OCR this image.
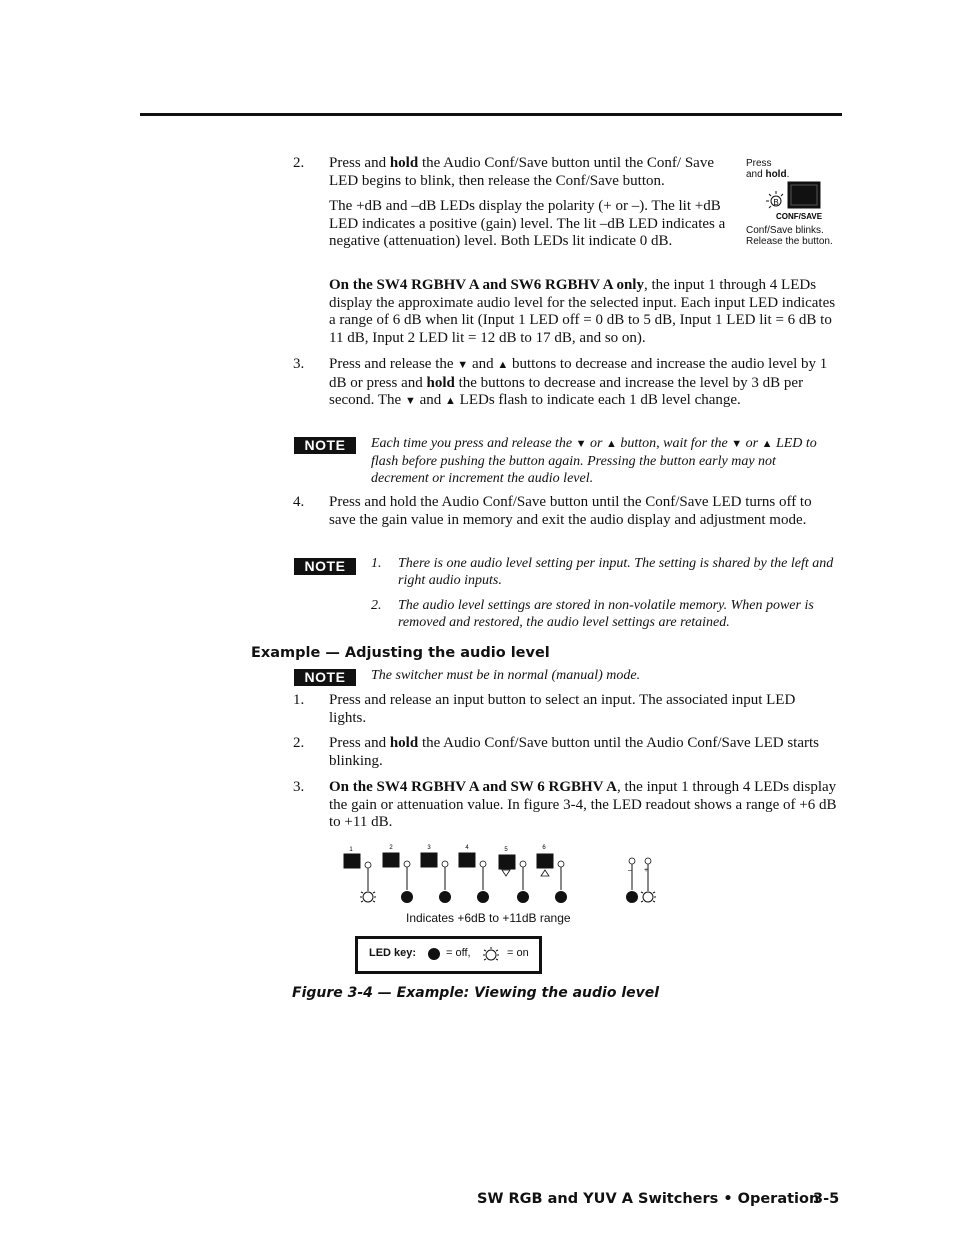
2. Press and hold the Audio Conf/Save button until the Conf/ Save LED begins to blink, then release the Conf/Save button.
The +dB and –dB LEDs display the polarity (+ or –). The lit +dB LED indicates a positive (gain) level. The lit –dB LED indicates a negative (attenuation) level. Both LEDs lit indicate 0 dB.
On the SW4 RGBHV A and SW6 RGBHV A only, the input 1 through 4 LEDs display the approximate audio level for the selected input. Each input LED indicates a range of 6 dB when lit (Input 1 LED off = 0 dB to 5 dB, Input 1 LED lit = 6 dB to 11 dB, Input 2 LED lit = 12 dB to 17 dB, and so on).
Press
and hold.
B
CONF/SAVE
Conf/Save blinks.
Release the button.
3. Press and release the ▼ and ▲ buttons to decrease and increase the audio level by 1 dB or press and hold the buttons to decrease and increase the level by 3 dB per second. The ▼ and ▲ LEDs flash to indicate each 1 dB level change.
NOTE	Each time you press and release the ▼ or ▲ button, wait for the ▼ or ▲ LED to flash before pushing the button again. Pressing the button early may not decrement or increment the audio level.
4. Press and hold the Audio Conf/Save button until the Conf/Save LED turns off to save the gain value in memory and exit the audio display and adjustment mode.
NOTE	1. There is one audio level setting per input. The setting is shared by the left and right audio inputs.
2. The audio level settings are stored in non-volatile memory. When power is removed and restored, the audio level settings are retained.
Example — Adjusting the audio level
NOTE	The switcher must be in normal (manual) mode.
1. Press and release an input button to select an input. The associated input LED lights.
2. Press and hold the Audio Conf/Save button until the Audio Conf/Save LED starts blinking.
3. On the SW4 RGBHV A and SW 6 RGBHV A, the input 1 through 4 LEDs display the gain or attenuation value. In figure 3-4, the LED readout shows a range of +6 dB to +11 dB.
1	2	3	4	5	6
– +
Indicates +6dB to +11dB range
LED key:	= off,	= on
Figure 3-4 — Example: Viewing the audio level
SW RGB and YUV A Switchers • Operation
3-5
